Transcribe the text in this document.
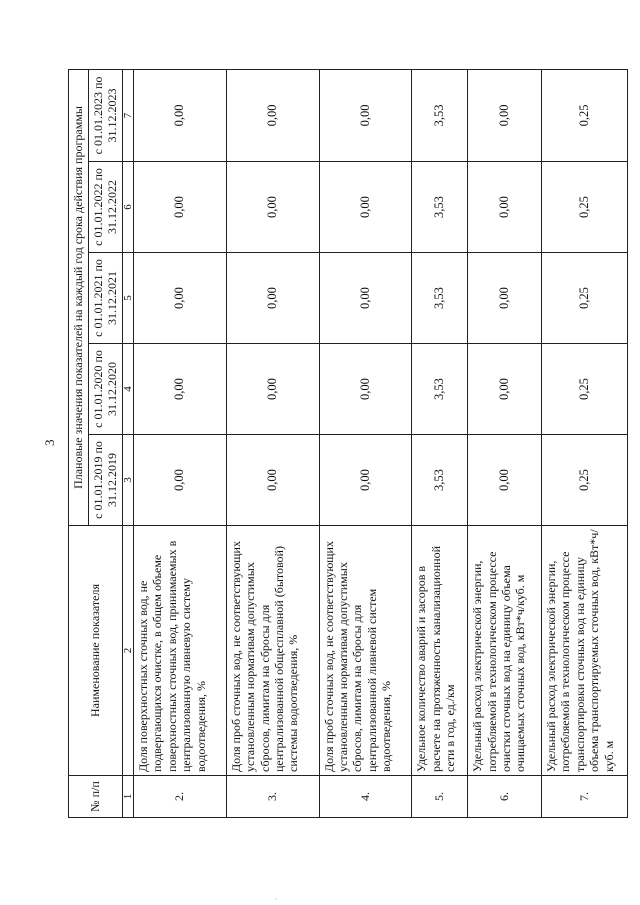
3
№ п/п	Наименование показателя	Плановые значения показателей на каждый год срока действия программы				
		с 01.01.2019 по 31.12.2019	с 01.01.2020 по 31.12.2020	с 01.01.2021 по 31.12.2021	с 01.01.2022 по 31.12.2022	с 01.01.2023 по 31.12.2023
1	2	3	4	5	6	7
2.	Доля поверхностных сточных вод, не подвергающихся очистке, в общем объеме поверхностных сточных вод, принимаемых в централизованную ливневую систему водоотведения, %	0,00	0,00	0,00	0,00	0,00
3.	Доля проб сточных вод, не соответствующих установленным нормативам допустимых сбросов, лимитам на сбросы для централизованной общесплавной (бытовой) системы водоотведения, %	0,00	0,00	0,00	0,00	0,00
4.	Доля проб сточных вод, не соответствующих установленным нормативам допустимых сбросов, лимитам на сбросы для централизованной ливневой систем водоотведения, %	0,00	0,00	0,00	0,00	0,00
5.	Удельное количество аварий и засоров в расчете на протяженность канализационной сети в год, ед./км	3,53	3,53	3,53	3,53	3,53
6.	Удельный расход электрической энергии, потребляемой в технологическом процессе очистки сточных вод на единицу объема очищаемых сточных вод, кВт*ч/куб. м	0,00	0,00	0,00	0,00	0,00
7.	Удельный расход электрической энергии, потребляемой в технологическом процессе транспортировки сточных вод на единицу объема транспортируемых сточных вод, кВт*ч/куб. м	0,25	0,25	0,25	0,25	0,25
·
